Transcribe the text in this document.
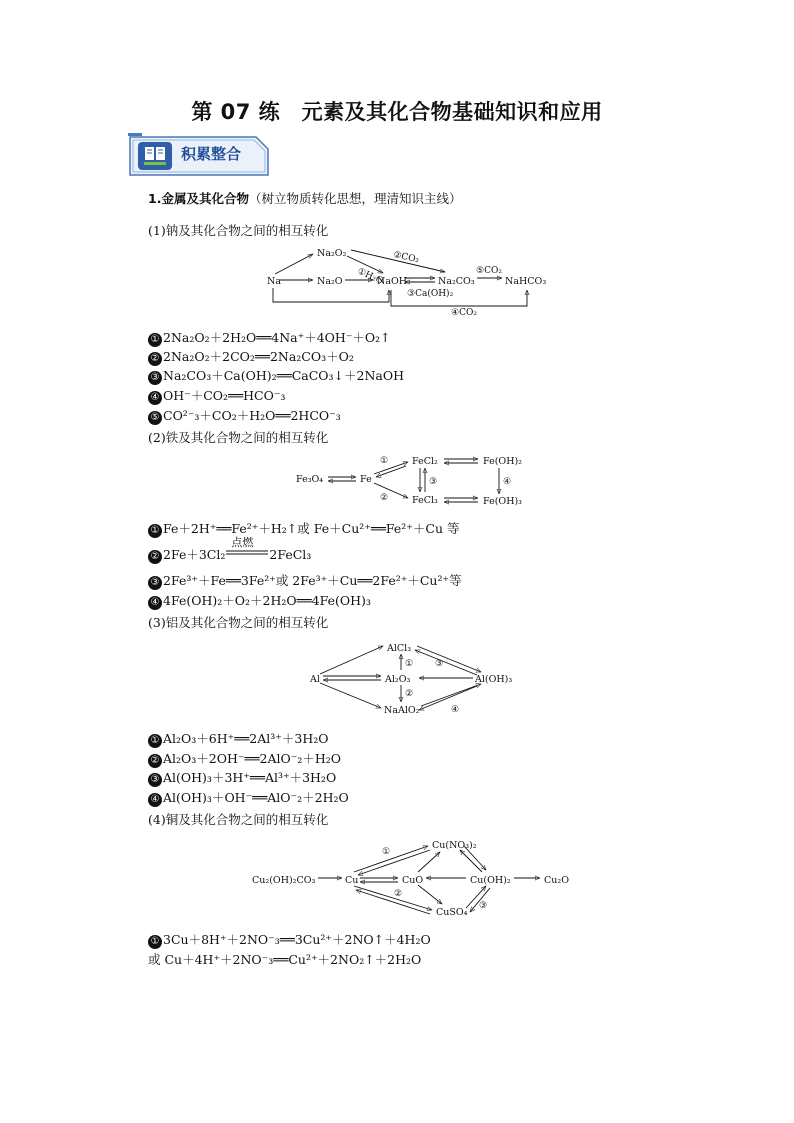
第 07 练　元素及其化合物基础知识和应用
积累整合
1.金属及其化合物（树立物质转化思想，理清知识主线）
(1)钠及其化合物之间的相互转化
Na
Na₂O₂
Na₂O	NaOH	Na₂CO₃	NaHCO₃
①H₂O
②CO₂
③Ca(OH)₂
④CO₂
⑤CO₂
① 2Na₂O₂＋2H₂O══4Na⁺＋4OH⁻＋O₂↑
② 2Na₂O₂＋2CO₂══2Na₂CO₃＋O₂
③ Na₂CO₃＋Ca(OH)₂══CaCO₃↓＋2NaOH
④ OH⁻＋CO₂══HCO⁻₃
⑤ CO²⁻₃＋CO₂＋H₂O══2HCO⁻₃
(2)铁及其化合物之间的相互转化
Fe₃O₄	Fe
FeCl₂
FeCl₃
Fe(OH)₂
Fe(OH)₃
①
②
③	④
① Fe＋2H⁺══Fe²⁺＋H₂↑或 Fe＋Cu²⁺══Fe²⁺＋Cu 等
② 2Fe＋3Cl₂
点燃
2FeCl₃
③ 2Fe³⁺＋Fe══3Fe²⁺或 2Fe³⁺＋Cu══2Fe²⁺＋Cu²⁺等
④ 4Fe(OH)₂＋O₂＋2H₂O══4Fe(OH)₃
(3)铝及其化合物之间的相互转化
Al
AlCl₃
Al₂O₃
NaAlO₂
Al(OH)₃
①
②
③
④
① Al₂O₃＋6H⁺══2Al³⁺＋3H₂O
② Al₂O₃＋2OH⁻══2AlO⁻₂＋H₂O
③ Al(OH)₃＋3H⁺══Al³⁺＋3H₂O
④ Al(OH)₃＋OH⁻══AlO⁻₂＋2H₂O
(4)铜及其化合物之间的相互转化
Cu₂(OH)₂CO₃	Cu
Cu(NO₃)₂
CuO	Cu(OH)₂	Cu₂O
CuSO₄
①
②
③
① 3Cu＋8H⁺＋2NO⁻₃══3Cu²⁺＋2NO↑＋4H₂O
或 Cu＋4H⁺＋2NO⁻₃══Cu²⁺＋2NO₂↑＋2H₂O
